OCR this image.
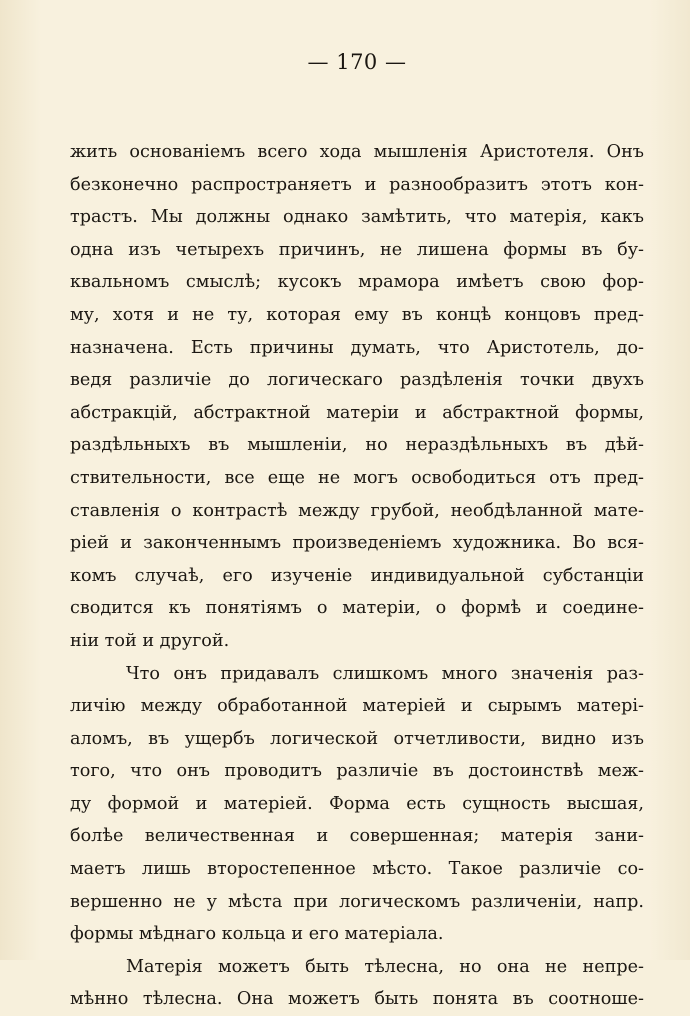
— 170 —
жить основаніемъ всего хода мышленія Аристотеля. Онъ
безконечно распространяетъ и разнообразитъ этотъ кон-
трастъ. Мы должны однако замѣтить, что матерія, какъ
одна изъ четырехъ причинъ, не лишена формы въ бу-
квальномъ смыслѣ; кусокъ мрамора имѣетъ свою фор-
му, хотя и не ту, которая ему въ концѣ концовъ пред-
назначена. Есть причины думать, что Аристотель, до-
ведя различіе до логическаго раздѣленія точки двухъ
абстракцій, абстрактной матеріи и абстрактной формы,
раздѣльныхъ въ мышленіи, но нераздѣльныхъ въ дѣй-
ствительности, все еще не могъ освободиться отъ пред-
ставленія о контрастѣ между грубой, необдѣланной мате-
ріей и законченнымъ произведеніемъ художника. Во вся-
комъ случаѣ, его изученіе индивидуальной субстанціи
сводится къ понятіямъ о матеріи, о формѣ и соедине-
ніи той и другой.
Что онъ придавалъ слишкомъ много значенія раз-
личію между обработанной матеріей и сырымъ матері-
аломъ, въ ущербъ логической отчетливости, видно изъ
того, что онъ проводитъ различіе въ достоинствѣ меж-
ду формой и матеріей. Форма есть сущность высшая,
болѣе величественная и совершенная; матерія зани-
маетъ лишь второстепенное мѣсто. Такое различіе со-
вершенно не у мѣста при логическомъ различеніи, напр.
формы мѣднаго кольца и его матеріала.
Матерія можетъ быть тѣлесна, но она не непре-
мѣнно тѣлесна. Она можетъ быть понята въ соотноше-
